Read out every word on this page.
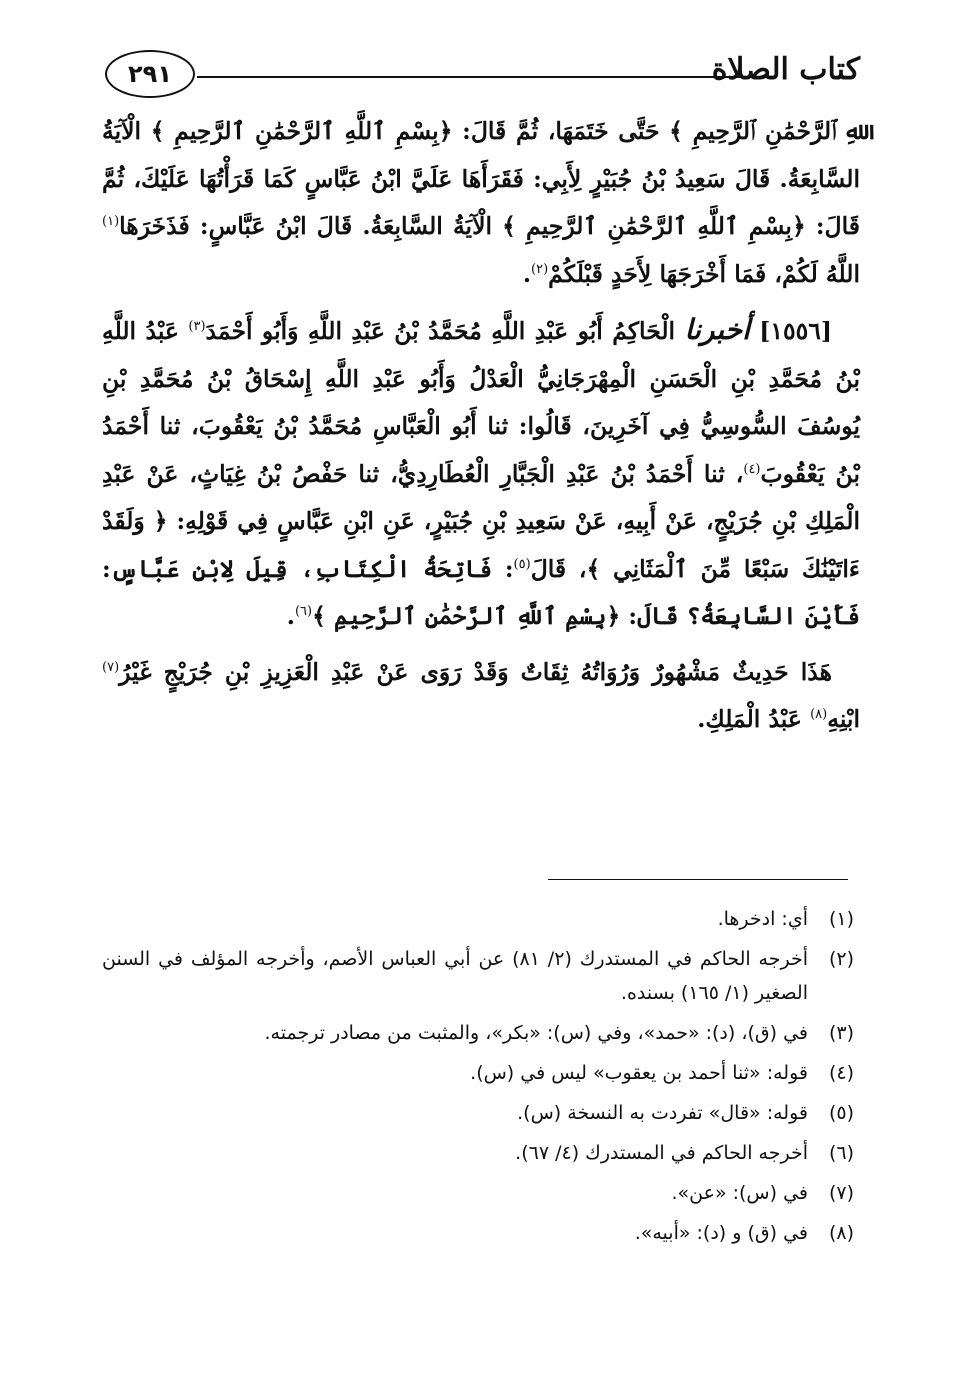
كتاب الصلاة
٢٩١

ﷲِ ﭐلرَّحْمَٰنِ ﭐلرَّحِيمِ ﴾ حَتَّى خَتَمَهَا، ثُمَّ قَالَ: ﴿بِسْمِ ٱللَّهِ ٱلرَّحْمَٰنِ ٱلرَّحِيمِ ﴾ الْآيَةُ السَّابِعَةُ. قَالَ سَعِيدُ بْنُ جُبَيْرٍ لِأَبِي: فَقَرَأَهَا عَلَيَّ ابْنُ عَبَّاسٍ كَمَا قَرَأْتُهَا عَلَيْكَ، ثُمَّ قَالَ: ﴿بِسْمِ ٱللَّهِ ٱلرَّحْمَٰنِ ٱلرَّحِيمِ ﴾ الْآيَةُ السَّابِعَةُ. قَالَ ابْنُ عَبَّاسٍ: فَذَخَرَهَا$^{(١)}$ اللَّهُ لَكُمْ، فَمَا أَخْرَجَهَا لِأَحَدٍ قَبْلَكُمْ$^{(٢)}$.

[١٥٥٦] أخبرنا الْحَاكِمُ أَبُو عَبْدِ اللَّهِ مُحَمَّدُ بْنُ عَبْدِ اللَّهِ وَأَبُو أَحْمَدَ$^{(٣)}$ عَبْدُ اللَّهِ بْنُ مُحَمَّدِ بْنِ الْحَسَنِ الْمِهْرَجَانِيُّ الْعَدْلُ وَأَبُو عَبْدِ اللَّهِ إِسْحَاقُ بْنُ مُحَمَّدِ بْنِ يُوسُفَ السُّوسِيُّ فِي آخَرِينَ، قَالُوا: ثنا أَبُو الْعَبَّاسِ مُحَمَّدُ بْنُ يَعْقُوبَ، ثنا أَحْمَدُ بْنُ يَعْقُوبَ$^{(٤)}$، ثنا أَحْمَدُ بْنُ عَبْدِ الْجَبَّارِ الْعُطَارِدِيُّ، ثنا حَفْصُ بْنُ غِيَاثٍ، عَنْ عَبْدِ الْمَلِكِ بْنِ جُرَيْجٍ، عَنْ أَبِيهِ، عَنْ سَعِيدِ بْنِ جُبَيْرٍ، عَنِ ابْنِ عَبَّاسٍ فِي قَوْلِهِ: ﴿ وَلَقَدْ ءَاتَيْنَٰكَ سَبْعًا مِّنَ ٱلْمَثَانِي ﴾، قَالَ$^{(٥)}$: فَاتِحَةُ الْكِتَابِ، قِيلَ لِابْنِ عَبَّاسٍ: فَأَيْنَ السَّابِعَةُ؟ قَالَ: ﴿بِسْمِ ٱللَّهِ ٱلرَّحْمَٰنِ ٱلرَّحِيمِ ﴾$^{(٦)}$.

هَذَا حَدِيثٌ مَشْهُورٌ وَرُوَاتُهُ ثِقَاتٌ وَقَدْ رَوَى عَنْ عَبْدِ الْعَزِيزِ بْنِ جُرَيْجٍ غَيْرُ$^{(٧)}$ ابْنِهِ$^{(٨)}$ عَبْدُ الْمَلِكِ.

(١)
أي: ادخرها.
(٢)
أخرجه الحاكم في المستدرك (٢/ ٨١) عن أبي العباس الأصم، وأخرجه المؤلف في السنن الصغير (١/ ١٦٥) بسنده.
(٣)
في (ق)، (د): «حمد»، وفي (س): «بكر»، والمثبت من مصادر ترجمته.
(٤)
قوله: «ثنا أحمد بن يعقوب» ليس في (س).
(٥)
قوله: «قال» تفردت به النسخة (س).
(٦)
أخرجه الحاكم في المستدرك (٤/ ٦٧).
(٧)
في (س): «عن».
(٨)
في (ق) و (د): «أبيه».
